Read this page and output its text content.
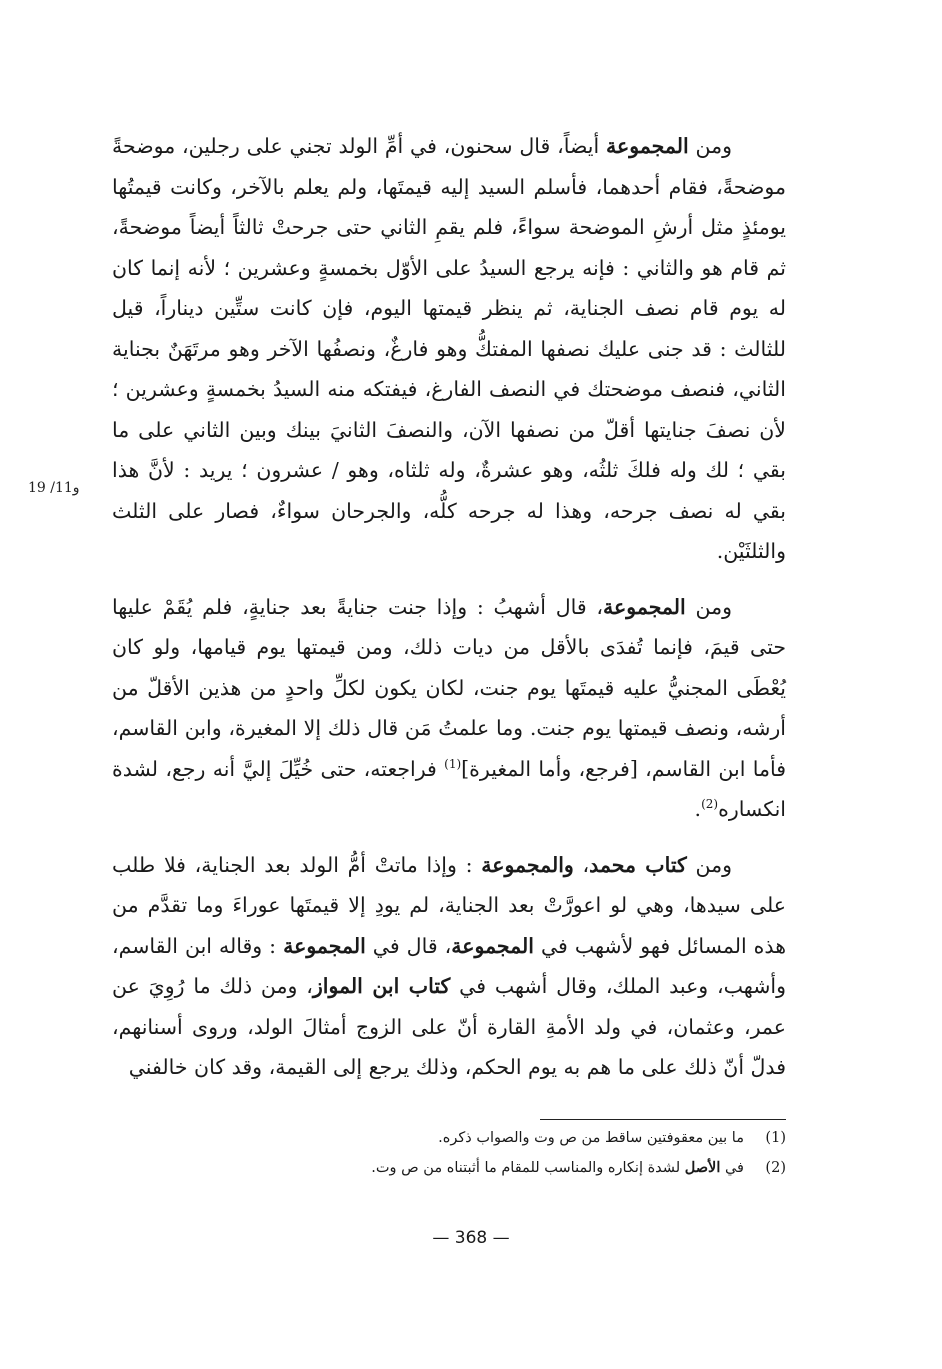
ومن المجموعة أيضاً، قال سحنون، في أمِّ الولد تجني على رجلين، موضحةً موضحةً، فقام أحدهما، فأسلم السيد إليه قيمتَها، ولم يعلم بالآخر، وكانت قيمتُها يومئذٍ مثل أرشِ الموضحة سواءً، فلم يقمِ الثاني حتى جرحتْ ثالثاً أيضاً موضحةً، ثم قام هو والثاني : فإنه يرجع السيدُ على الأوّل بخمسةٍ وعشرين ؛ لأنه إنما كان له يوم قام نصف الجناية، ثم ينظر قيمتها اليوم، فإن كانت ستِّين ديناراً، قيل للثالث : قد جنى عليك نصفها المفتكُّ وهو فارغٌ، ونصفُها الآخر وهو مرتَهَنٌ بجناية الثاني، فنصف موضحتك في النصف الفارغ، فيفتكه منه السيدُ بخمسةٍ وعشرين ؛ لأن نصفَ جنايتها أقلّ من نصفها الآن، والنصفَ الثانيَ بينك وبين الثاني على ما بقي ؛ لك وله فلكَ ثلثُه، وهو عشرةٌ، وله ثلثاه، وهو / عشرون ؛ يريد : لأنَّ هذا بقي له نصف جرحه، وهذا له جرحه كلُّه، والجرحان سواءٌ، فصار على الثلث والثلثَيْن.

ومن المجموعة، قال أشهبُ : وإذا جنت جنايةً بعد جنايةٍ، فلم يُقَمْ عليها حتى قيمَ، فإنما تُفدَى بالأقل من ديات ذلك، ومن قيمتها يوم قيامها، ولو كان يُعْطَى المجنيُّ عليه قيمتَها يوم جنت، لكان يكون لكلِّ واحدٍ من هذين الأقلّ من أرشه، ونصف قيمتها يوم جنت. وما علمتُ مَن قال ذلك إلا المغيرة، وابن القاسم، فأما ابن القاسم، [فرجع، وأما المغيرة]$^{(1)}$ فراجعته، حتى خُيِّلَ إليَّ أنه رجع، لشدة انكساره$^{(2)}$.

ومن كتاب محمد، والمجموعة : وإذا ماتتْ أمُّ الولد بعد الجناية، فلا طلب على سيدها، وهي لو اعورَّتْ بعد الجناية، لم يودِ إلا قيمتَها عوراءَ وما تقدَّم من هذه المسائل فهو لأشهب في المجموعة، قال في المجموعة : وقاله ابن القاسم، وأشهب، وعبد الملك، وقال أشهب في كتاب ابن المواز، ومن ذلك ما رُوِيَ عن عمر، وعثمان، في ولد الأمةِ القارة أنّ على الزوج أمثالَ الولد، وروى أسنانهم، فدلّ أنّ ذلك على ما هم به يوم الحكم، وذلك يرجع إلى القيمة، وقد كان خالفني

19 /11و

(1)ما بين معقوفتين ساقط من ص وت والصواب ذكره.

(2)في الأصل لشدة إنكاره والمناسب للمقام ما أثبتناه من ص وت.

— 368 —
